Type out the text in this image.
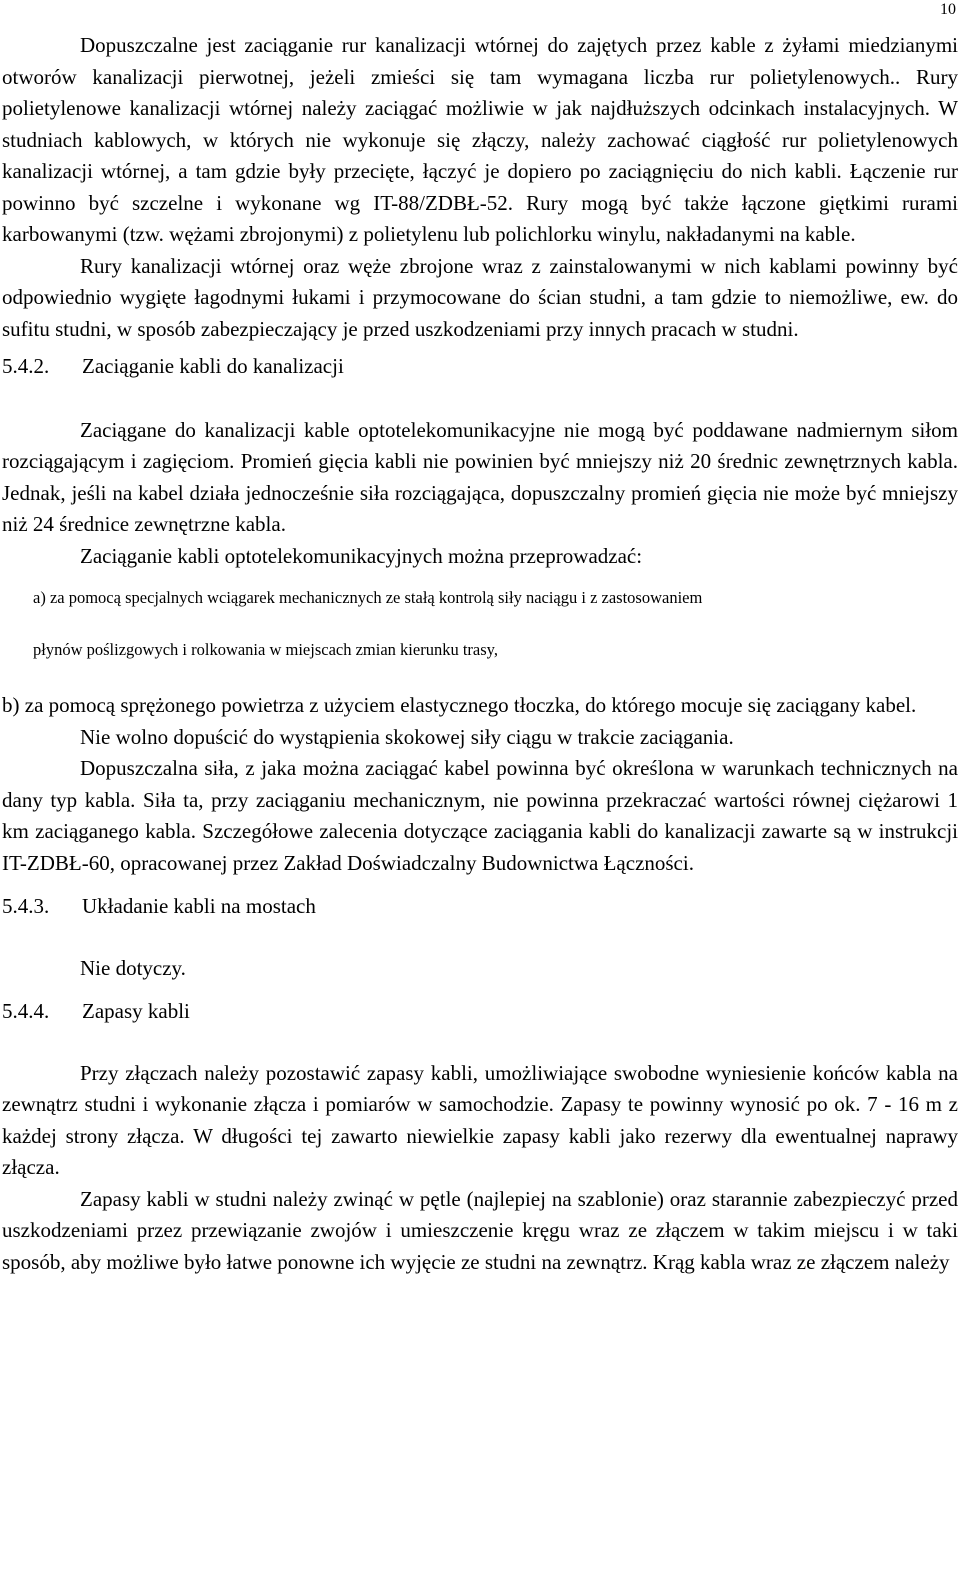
10

Dopuszczalne jest zaciąganie rur kanalizacji wtórnej do zajętych przez kable z żyłami miedzianymi otworów kanalizacji pierwotnej, jeżeli zmieści się tam wymagana liczba rur polietylenowych.. Rury polietylenowe kanalizacji wtórnej należy zaciągać możliwie w jak najdłuższych odcinkach instalacyjnych. W studniach kablowych, w których nie wykonuje się złączy, należy zachować ciągłość rur polietylenowych kanalizacji wtórnej, a tam gdzie były przecięte, łączyć je dopiero po zaciągnięciu do nich kabli. Łączenie rur powinno być szczelne i wykonane wg IT-88/ZDBŁ-52. Rury mogą być także łączone giętkimi rurami karbowanymi (tzw. wężami zbrojonymi) z polietylenu lub polichlorku winylu, nakładanymi na kable.

Rury kanalizacji wtórnej oraz węże zbrojone wraz z zainstalowanymi w nich kablami powinny być odpowiednio wygięte łagodnymi łukami i przymocowane do ścian studni, a tam gdzie to niemożliwe, ew. do sufitu studni, w sposób zabezpieczający je przed uszkodzeniami przy innych pracach w studni.

5.4.2.	Zaciąganie kabli do kanalizacji

Zaciągane do kanalizacji kable optotelekomunikacyjne nie mogą być poddawane nadmiernym siłom rozciągającym i zagięciom. Promień gięcia kabli nie powinien być mniejszy niż 20 średnic zewnętrznych kabla. Jednak, jeśli na kabel działa jednocześnie siła rozciągająca, dopuszczalny promień gięcia nie może być mniejszy niż 24 średnice zewnętrzne kabla.

Zaciąganie kabli optotelekomunikacyjnych można przeprowadzać:

a) za pomocą specjalnych wciągarek mechanicznych ze stałą kontrolą siły naciągu i z zastosowaniem

płynów poślizgowych i rolkowania w miejscach zmian kierunku trasy,

b) za pomocą sprężonego powietrza z użyciem elastycznego tłoczka, do którego mocuje się zaciągany kabel.

Nie wolno dopuścić do wystąpienia skokowej siły ciągu w trakcie zaciągania.

Dopuszczalna siła, z jaka można zaciągać kabel powinna być określona w warunkach technicznych na dany typ kabla. Siła ta, przy zaciąganiu mechanicznym, nie powinna przekraczać wartości równej ciężarowi 1 km zaciąganego kabla. Szczegółowe zalecenia dotyczące zaciągania kabli do kanalizacji zawarte są w instrukcji IT-ZDBŁ-60, opracowanej przez Zakład Doświadczalny Budownictwa Łączności.

5.4.3.	Układanie kabli na mostach

Nie dotyczy.

5.4.4.	Zapasy kabli

Przy złączach należy pozostawić zapasy kabli, umożliwiające swobodne wyniesienie końców kabla na zewnątrz studni i wykonanie złącza i pomiarów w samochodzie. Zapasy te powinny wynosić po ok. 7 - 16 m z każdej strony złącza. W długości tej zawarto niewielkie zapasy kabli jako rezerwy dla ewentualnej naprawy złącza.

Zapasy kabli w studni należy zwinąć w pętle (najlepiej na szablonie) oraz starannie zabezpieczyć przed uszkodzeniami przez przewiązanie zwojów i umieszczenie kręgu wraz ze złączem w takim miejscu i w taki sposób, aby możliwe było łatwe ponowne ich wyjęcie ze studni na zewnątrz. Krąg kabla wraz ze złączem należy
